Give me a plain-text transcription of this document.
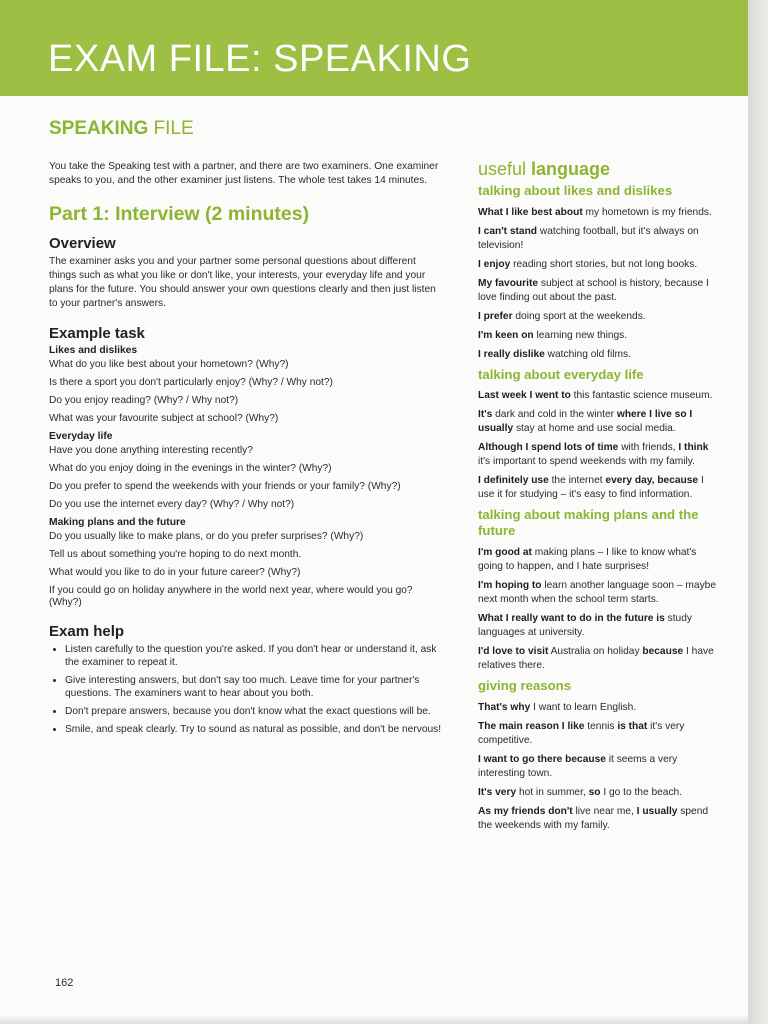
EXAM FILE: SPEAKING
SPEAKING FILE

You take the Speaking test with a partner, and there are two examiners. One examiner speaks to you, and the other examiner just listens. The whole test takes 14 minutes.

Part 1: Interview (2 minutes)
Overview

The examiner asks you and your partner some personal questions about different things such as what you like or don't like, your interests, your everyday life and your plans for the future. You should answer your own questions clearly and then just listen to your partner's answers.

Example task
Likes and dislikes
What do you like best about your hometown? (Why?)
Is there a sport you don't particularly enjoy? (Why? / Why not?)
Do you enjoy reading? (Why? / Why not?)
What was your favourite subject at school? (Why?)
Everyday life
Have you done anything interesting recently?
What do you enjoy doing in the evenings in the winter? (Why?)
Do you prefer to spend the weekends with your friends or your family? (Why?)
Do you use the internet every day? (Why? / Why not?)
Making plans and the future
Do you usually like to make plans, or do you prefer surprises? (Why?)
Tell us about something you're hoping to do next month.
What would you like to do in your future career? (Why?)
If you could go on holiday anywhere in the world next year, where would you go? (Why?)
Exam help
• Listen carefully to the question you're asked. If you don't hear or understand it, ask the examiner to repeat it.
• Give interesting answers, but don't say too much. Leave time for your partner's questions. The examiners want to hear about you both.
• Don't prepare answers, because you don't know what the exact questions will be.
• Smile, and speak clearly. Try to sound as natural as possible, and don't be nervous!
useful language
talking about likes and dislikes
What I like best about my hometown is my friends.
I can't stand watching football, but it's always on television!
I enjoy reading short stories, but not long books.
My favourite subject at school is history, because I love finding out about the past.
I prefer doing sport at the weekends.
I'm keen on learning new things.
I really dislike watching old films.
talking about everyday life
Last week I went to this fantastic science museum.
It's dark and cold in the winter where I live so I usually stay at home and use social media.
Although I spend lots of time with friends, I think it's important to spend weekends with my family.
I definitely use the internet every day, because I use it for studying – it's easy to find information.
talking about making plans and the future
I'm good at making plans – I like to know what's going to happen, and I hate surprises!
I'm hoping to learn another language soon – maybe next month when the school term starts.
What I really want to do in the future is study languages at university.
I'd love to visit Australia on holiday because I have relatives there.
giving reasons
That's why I want to learn English.
The main reason I like tennis is that it's very competitive.
I want to go there because it seems a very interesting town.
It's very hot in summer, so I go to the beach.
As my friends don't live near me, I usually spend the weekends with my family.
162
